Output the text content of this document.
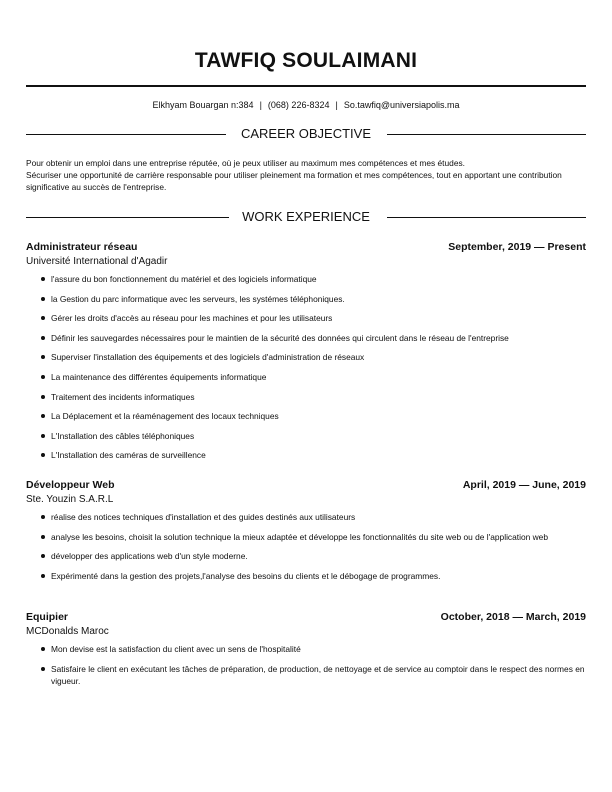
TAWFIQ SOULAIMANI
Elkhyam Bouargan n:384 | (068) 226-8324 | So.tawfiq@universiapolis.ma
CAREER OBJECTIVE

Pour obtenir un emploi dans une entreprise réputée, où je peux utiliser au maximum mes compétences et mes études.

Sécuriser une opportunité de carrière responsable pour utiliser pleinement ma formation et mes compétences, tout en apportant une contribution significative au succès de l'entreprise.

WORK EXPERIENCE
Administrateur réseau	September, 2019 — Present
Université International d'Agadir
l'assure du bon fonctionnement du matériel et des logiciels informatique
la Gestion du parc informatique avec les serveurs, les systémes téléphoniques.
Gérer les droits d'accès au réseau pour les machines et pour les utilisateurs
Définir les sauvegardes nécessaires pour le maintien de la sécurité des données qui circulent dans le réseau de l'entreprise
Superviser l'installation des équipements et des logiciels d'administration de réseaux
La maintenance des différentes équipements informatique
Traitement des incidents informatiques
La Déplacement et la réaménagement des locaux techniques
L'Installation des câbles téléphoniques
L'Installation des caméras de surveillence
Développeur Web	April, 2019 — June, 2019
Ste. Youzin S.A.R.L
réalise des notices techniques d'installation et des guides destinés aux utilisateurs
analyse les besoins, choisit la solution technique la mieux adaptée et développe les fonctionnalités du site web ou de l'application web
développer des applications web d'un style moderne.
Expérimenté dans la gestion des projets,l'analyse des besoins du clients et le débogage de programmes.
Equipier	October, 2018 — March, 2019
MCDonalds Maroc
Mon devise est la satisfaction du client avec un sens de l'hospitalité
Satisfaire le client en exécutant les tâches de préparation, de production, de nettoyage et de service au comptoir dans le respect des normes en vigueur.
